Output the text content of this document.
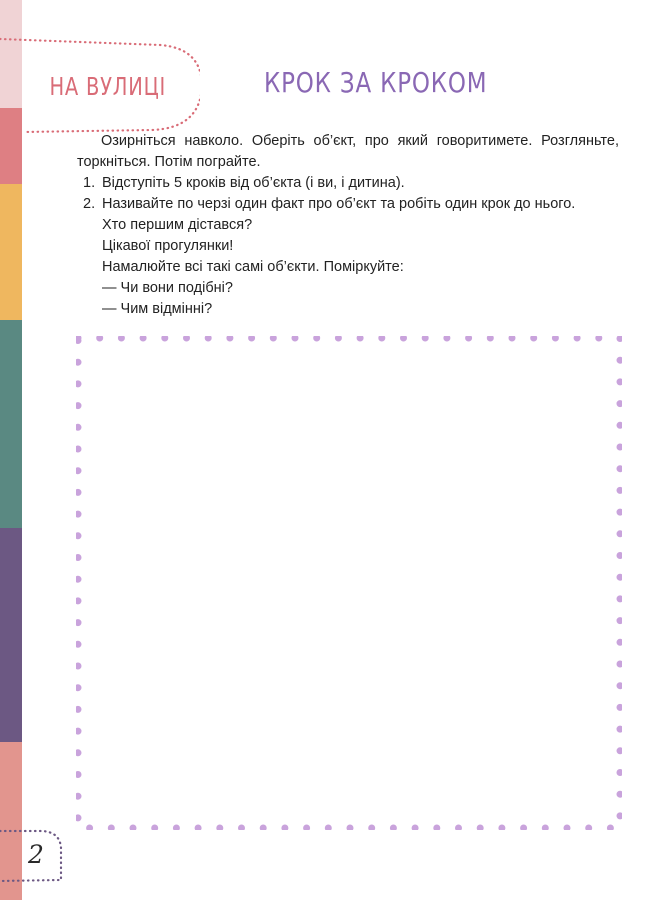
НА ВУЛИЦІ	КРОК ЗА КРОКОМ

Озирніться навколо. Оберіть об’єкт, про який говоритимете. Розгляньте, торкніться. Потім пограйте.

1. Відступіть 5 кроків від об’єкта (і ви, і дитина).
2. Називайте по черзі один факт про об’єкт та робіть один крок до нього.

Хто першим дістався?

Цікавої прогулянки!

Намалюйте всі такі самі об’єкти. Поміркуйте:

— Чи вони подібні?

— Чим відмінні?

2
